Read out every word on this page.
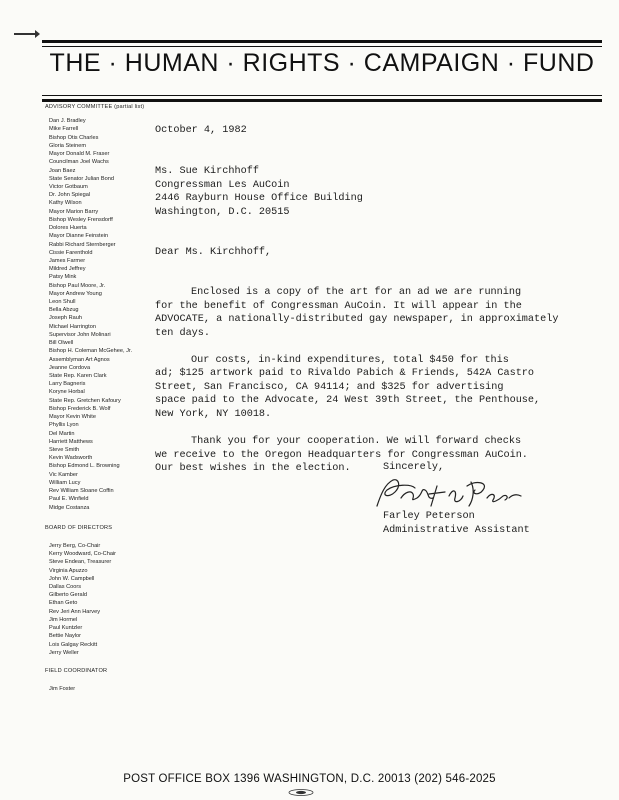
THE · HUMAN · RIGHTS · CAMPAIGN · FUND
ADVISORY COMMITTEE (partial list)
Dan J. Bradley
Mike Farrell
Bishop Otis Charles
Gloria Steinem
Mayor Donald M. Fraser
Councilman Joel Wachs
Joan Baez
State Senator Julian Bond
Victor Gotbaum
Dr. John Spiegal
Kathy Wilson
Mayor Marion Barry
Bishop Wesley Frensdorff
Dolores Huerta
Mayor Dianne Feinstein
Rabbi Richard Sternberger
Cissie Farenthold
James Farmer
Mildred Jeffrey
Patsy Mink
Bishop Paul Moore, Jr.
Mayor Andrew Young
Leon Shull
Bella Abzug
Joseph Rauh
Michael Harrington
Supervisor John Molinari
Bill Olwell
Bishop H. Coleman McGehee, Jr.
Assemblyman Art Agnos
Jeanne Cordova
State Rep. Karen Clark
Larry Bagneris
Koryne Horbal
State Rep. Gretchen Kafoury
Bishop Frederick B. Wolf
Mayor Kevin White
Phyllis Lyon
Del Martin
Harriett Matthews
Steve Smith
Kevin Wadsworth
Bishop Edmond L. Browning
Vic Kamber
William Lucy
Rev William Sloane Coffin
Paul E. Winfield
Midge Costanza
BOARD OF DIRECTORS
Jerry Berg, Co-Chair
Kerry Woodward, Co-Chair
Steve Endean, Treasurer
Virginia Apuzzo
John W. Campbell
Dallas Coors
Gilberto Gerald
Ethan Geto
Rev Jeri Ann Harvey
Jim Hormel
Paul Kuntzler
Bettie Naylor
Lois Galgay Reckitt
Jerry Weller
FIELD COORDINATOR
Jim Foster

October 4, 1982

Ms. Sue Kirchhoff
Congressman Les AuCoin
2446 Rayburn House Office Building
Washington, D.C. 20515

Dear Ms. Kirchhoff,

Enclosed is a copy of the art for an ad we are running
for the benefit of Congressman AuCoin. It will appear in the
ADVOCATE, a nationally-distributed gay newspaper, in approximately
ten days.

Our costs, in-kind expenditures, total $450 for this
ad; $125 artwork paid to Rivaldo Pabich & Friends, 542A Castro
Street, San Francisco, CA 94114; and $325 for advertising
space paid to the Advocate, 24 West 39th Street, the Penthouse,
New York, NY 10018.

Thank you for your cooperation. We will forward checks
we receive to the Oregon Headquarters for Congressman AuCoin.
Our best wishes in the election.	Sincerely,

Farley Peterson

Administrative Assistant

POST OFFICE BOX 1396 WASHINGTON, D.C. 20013 (202) 546-2025
